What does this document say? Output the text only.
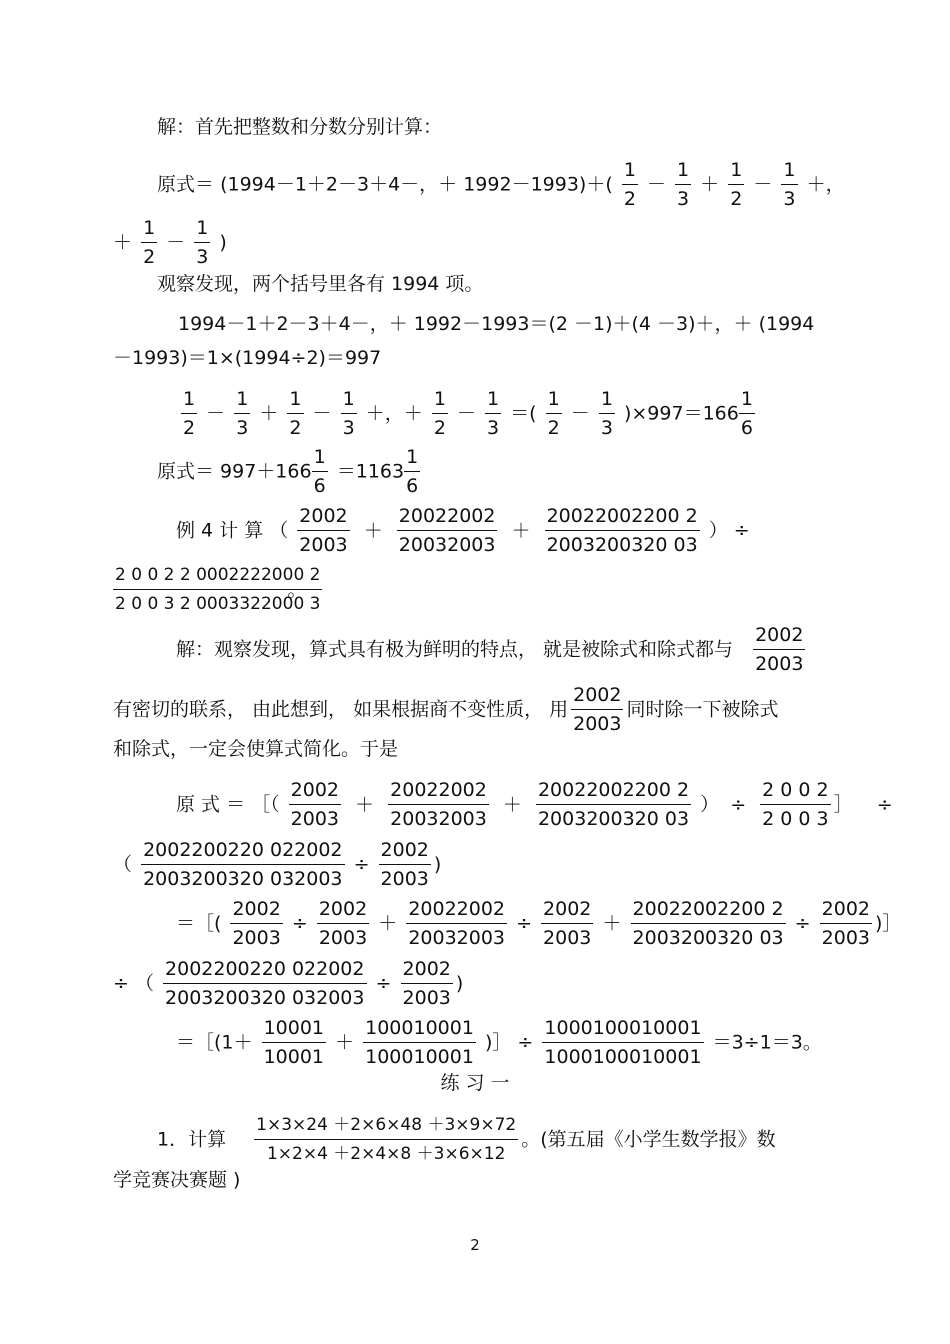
解：首先把整数和分数分别计算：
原式＝ (1994－1＋2－3＋4－，＋ $1992-1993)+( \frac{1}{2} - \frac{1}{3} + \frac{1}{2} - \frac{1}{3}$ ＋，
＋ $\frac{1}{2} - \frac{1}{3}$ )
观察发现，两个括号里各有 1994 项。
1994－1＋2－3＋4－，＋ 1992－1993＝(2 －1)＋(4 －3)＋，＋ (1994
－1993)＝1×(1994÷2)＝997
$\frac{1}{2} - \frac{1}{3} + \frac{1}{2} - \frac{1}{3}$ ＋，＋ $\frac{1}{2} - \frac{1}{3}$ ＝( $\frac{1}{2} - \frac{1}{3} )\times 997=166 \frac{1}{6}$
原式＝ $997+166 \frac{1}{6} =1163 \frac{1}{6}$
例 4 计 算 （ $\frac{2002}{2003} + \frac{20022002}{20032003} + \frac{20022002200 2}{2003200320 03}$ ） ÷
$\frac{2 0 0 2 2 0002222000 2}{2 0 0 3 2 0003322000 3}$
。
解：观察发现，算式具有极为鲜明的特点， 就是被除式和除式都与 $\frac{2002}{2003}$
有密切的联系， 由此想到， 如果根据商不变性质， 用 $\frac{2002}{2003}$ 同时除一下被除式
和除式，一定会使算式简化。于是
原 式 ＝ ［（ $\frac{2002}{2003} + \frac{20022002}{20032003} + \frac{20022002200 2}{2003200320 03}$ ） ÷ $\frac{2 0 0 2}{2 0 0 3}$ ］ ÷
（ $\frac{2002200220 022002}{2003200320 032003} \div \frac{2002}{2003}$ )
＝［( $\frac{2002}{2003} \div \frac{2002}{2003} + \frac{20022002}{20032003} \div \frac{2002}{2003} + \frac{20022002200 2}{2003200320 03} \div \frac{2002}{2003}$ )］
÷ （ $\frac{2002200220 022002}{2003200320 032003} \div \frac{2002}{2003}$ )
＝［(1＋ $\frac{10001}{10001} + \frac{100010001}{100010001}$ )］ ÷ $\frac{1000100010001}{1000100010001} =3\div 1=3$。
练 习 一
1．计算 $\frac{1\times 3\times 24 +2\times 6\times 48 +3\times 9\times 72}{1\times 2\times 4 +2\times 4\times 8 +3\times 6\times 12}$ 。(第五届《小学生数学报》数
学竞赛决赛题 )
2
